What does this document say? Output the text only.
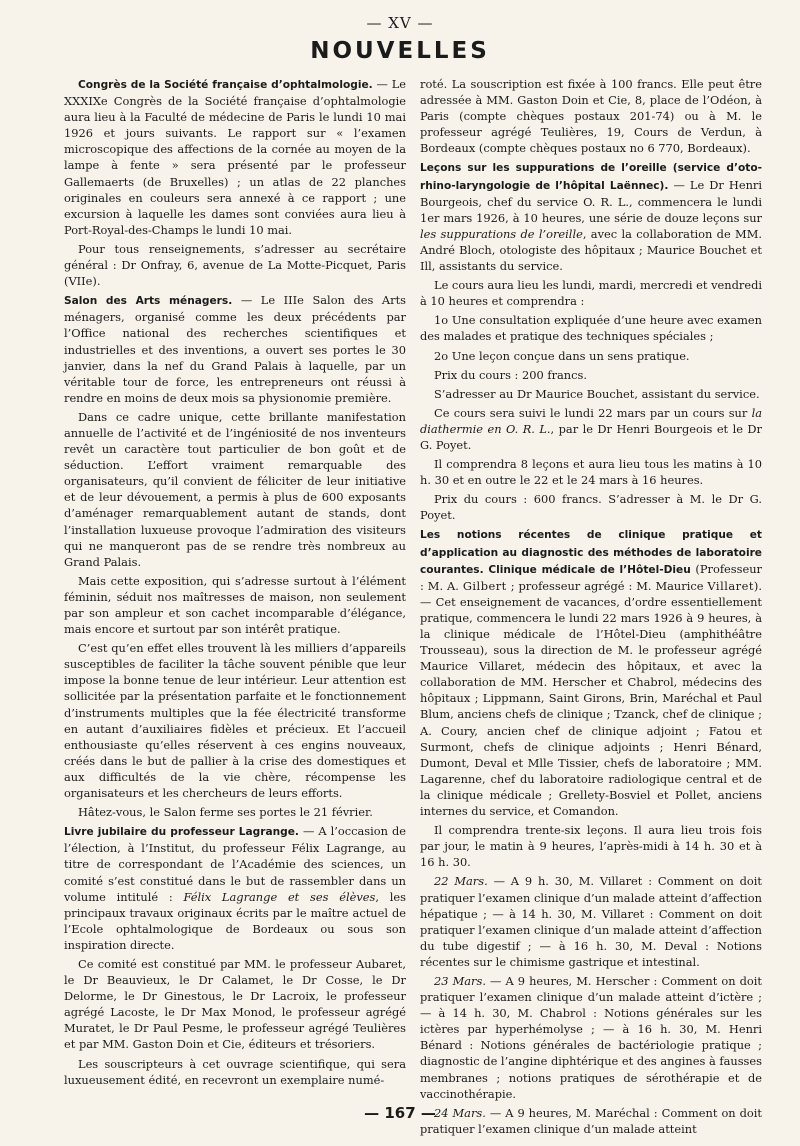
— XV —
NOUVELLES

Congrès de la Société française d’ophtalmologie. — Le XXXIXe Congrès de la Société française d’ophtalmologie aura lieu à la Faculté de médecine de Paris le lundi 10 mai 1926 et jours suivants. Le rapport sur « l’examen microscopique des affections de la cornée au moyen de la lampe à fente » sera présenté par le professeur Gallemaerts (de Bruxelles) ; un atlas de 22 planches originales en couleurs sera annexé à ce rapport ; une excursion à laquelle les dames sont conviées aura lieu à Port-Royal-des-Champs le lundi 10 mai.

Pour tous renseignements, s’adresser au secrétaire général : Dr Onfray, 6, avenue de La Motte-Picquet, Paris (VIIe).

Salon des Arts ménagers. — Le IIIe Salon des Arts ménagers, organisé comme les deux précédents par l’Office national des recherches scientifiques et industrielles et des inventions, a ouvert ses portes le 30 janvier, dans la nef du Grand Palais à laquelle, par un véritable tour de force, les entrepreneurs ont réussi à rendre en moins de deux mois sa physionomie première.

Dans ce cadre unique, cette brillante manifestation annuelle de l’activité et de l’ingéniosité de nos inventeurs revêt un caractère tout particulier de bon goût et de séduction. L’effort vraiment remarquable des organisateurs, qu’il convient de féliciter de leur initiative et de leur dévouement, a permis à plus de 600 exposants d’aménager remarquablement autant de stands, dont l’installation luxueuse provoque l’admiration des visiteurs qui ne manqueront pas de se rendre très nombreux au Grand Palais.

Mais cette exposition, qui s’adresse surtout à l’élément féminin, séduit nos maîtresses de maison, non seulement par son ampleur et son cachet incomparable d’élégance, mais encore et surtout par son intérêt pratique.

C’est qu’en effet elles trouvent là les milliers d’appareils susceptibles de faciliter la tâche souvent pénible que leur impose la bonne tenue de leur intérieur. Leur attention est sollicitée par la présentation parfaite et le fonctionnement d’instruments multiples que la fée électricité transforme en autant d’auxiliaires fidèles et précieux. Et l’accueil enthousiaste qu’elles réservent à ces engins nouveaux, créés dans le but de pallier à la crise des domestiques et aux difficultés de la vie chère, récompense les organisateurs et les chercheurs de leurs efforts.

Hâtez-vous, le Salon ferme ses portes le 21 février.

Livre jubilaire du professeur Lagrange. — A l’occasion de l’élection, à l’Institut, du professeur Félix Lagrange, au titre de correspondant de l’Académie des sciences, un comité s’est constitué dans le but de rassembler dans un volume intitulé : Félix Lagrange et ses élèves, les principaux travaux originaux écrits par le maître actuel de l’Ecole ophtalmologique de Bordeaux ou sous son inspiration directe.

Ce comité est constitué par MM. le professeur Aubaret, le Dr Beauvieux, le Dr Calamet, le Dr Cosse, le Dr Delorme, le Dr Ginestous, le Dr Lacroix, le professeur agrégé Lacoste, le Dr Max Monod, le professeur agrégé Muratet, le Dr Paul Pesme, le professeur agrégé Teulières et par MM. Gaston Doin et Cie, éditeurs et trésoriers.

Les souscripteurs à cet ouvrage scientifique, qui sera luxueusement édité, en recevront un exemplaire numé-

roté. La souscription est fixée à 100 francs. Elle peut être adressée à MM. Gaston Doin et Cie, 8, place de l’Odéon, à Paris (compte chèques postaux 201-74) ou à M. le professeur agrégé Teulières, 19, Cours de Verdun, à Bordeaux (compte chèques postaux no 6 770, Bordeaux).

Leçons sur les suppurations de l’oreille (service d’oto-rhino-laryngologie de l’hôpital Laënnec). — Le Dr Henri Bourgeois, chef du service O. R. L., commencera le lundi 1er mars 1926, à 10 heures, une série de douze leçons sur les suppurations de l’oreille, avec la collaboration de MM. André Bloch, otologiste des hôpitaux ; Maurice Bouchet et Ill, assistants du service.

Le cours aura lieu les lundi, mardi, mercredi et vendredi à 10 heures et comprendra :

1o Une consultation expliquée d’une heure avec examen des malades et pratique des techniques spéciales ;

2o Une leçon conçue dans un sens pratique.

Prix du cours : 200 francs.

S’adresser au Dr Maurice Bouchet, assistant du service.

Ce cours sera suivi le lundi 22 mars par un cours sur la diathermie en O. R. L., par le Dr Henri Bourgeois et le Dr G. Poyet.

Il comprendra 8 leçons et aura lieu tous les matins à 10 h. 30 et en outre le 22 et le 24 mars à 16 heures.

Prix du cours : 600 francs. S’adresser à M. le Dr G. Poyet.

Les notions récentes de clinique pratique et d’application au diagnostic des méthodes de laboratoire courantes. Clinique médicale de l’Hôtel-Dieu (Professeur : M. A. Gilbert ; professeur agrégé : M. Maurice Villaret). — Cet enseignement de vacances, d’ordre essentiellement pratique, commencera le lundi 22 mars 1926 à 9 heures, à la clinique médicale de l’Hôtel-Dieu (amphithéâtre Trousseau), sous la direction de M. le professeur agrégé Maurice Villaret, médecin des hôpitaux, et avec la collaboration de MM. Herscher et Chabrol, médecins des hôpitaux ; Lippmann, Saint Girons, Brin, Maréchal et Paul Blum, anciens chefs de clinique ; Tzanck, chef de clinique ; A. Coury, ancien chef de clinique adjoint ; Fatou et Surmont, chefs de clinique adjoints ; Henri Bénard, Dumont, Deval et Mlle Tissier, chefs de laboratoire ; MM. Lagarenne, chef du laboratoire radiologique central et de la clinique médicale ; Grellety-Bosviel et Pollet, anciens internes du service, et Comandon.

Il comprendra trente-six leçons. Il aura lieu trois fois par jour, le matin à 9 heures, l’après-midi à 14 h. 30 et à 16 h. 30.

22 Mars. — A 9 h. 30, M. Villaret : Comment on doit pratiquer l’examen clinique d’un malade atteint d’affection hépatique ; — à 14 h. 30, M. Villaret : Comment on doit pratiquer l’examen clinique d’un malade atteint d’affection du tube digestif ; — à 16 h. 30, M. Deval : Notions récentes sur le chimisme gastrique et intestinal.

23 Mars. — A 9 heures, M. Herscher : Comment on doit pratiquer l’examen clinique d’un malade atteint d’ictère ; — à 14 h. 30, M. Chabrol : Notions générales sur les ictères par hyperhémolyse ; — à 16 h. 30, M. Henri Bénard : Notions générales de bactériologie pratique ; diagnostic de l’angine diphtérique et des angines à fausses membranes ; notions pratiques de sérothérapie et de vaccinothérapie.

24 Mars. — A 9 heures, M. Maréchal : Comment on doit pratiquer l’examen clinique d’un malade atteint

— 167 —
